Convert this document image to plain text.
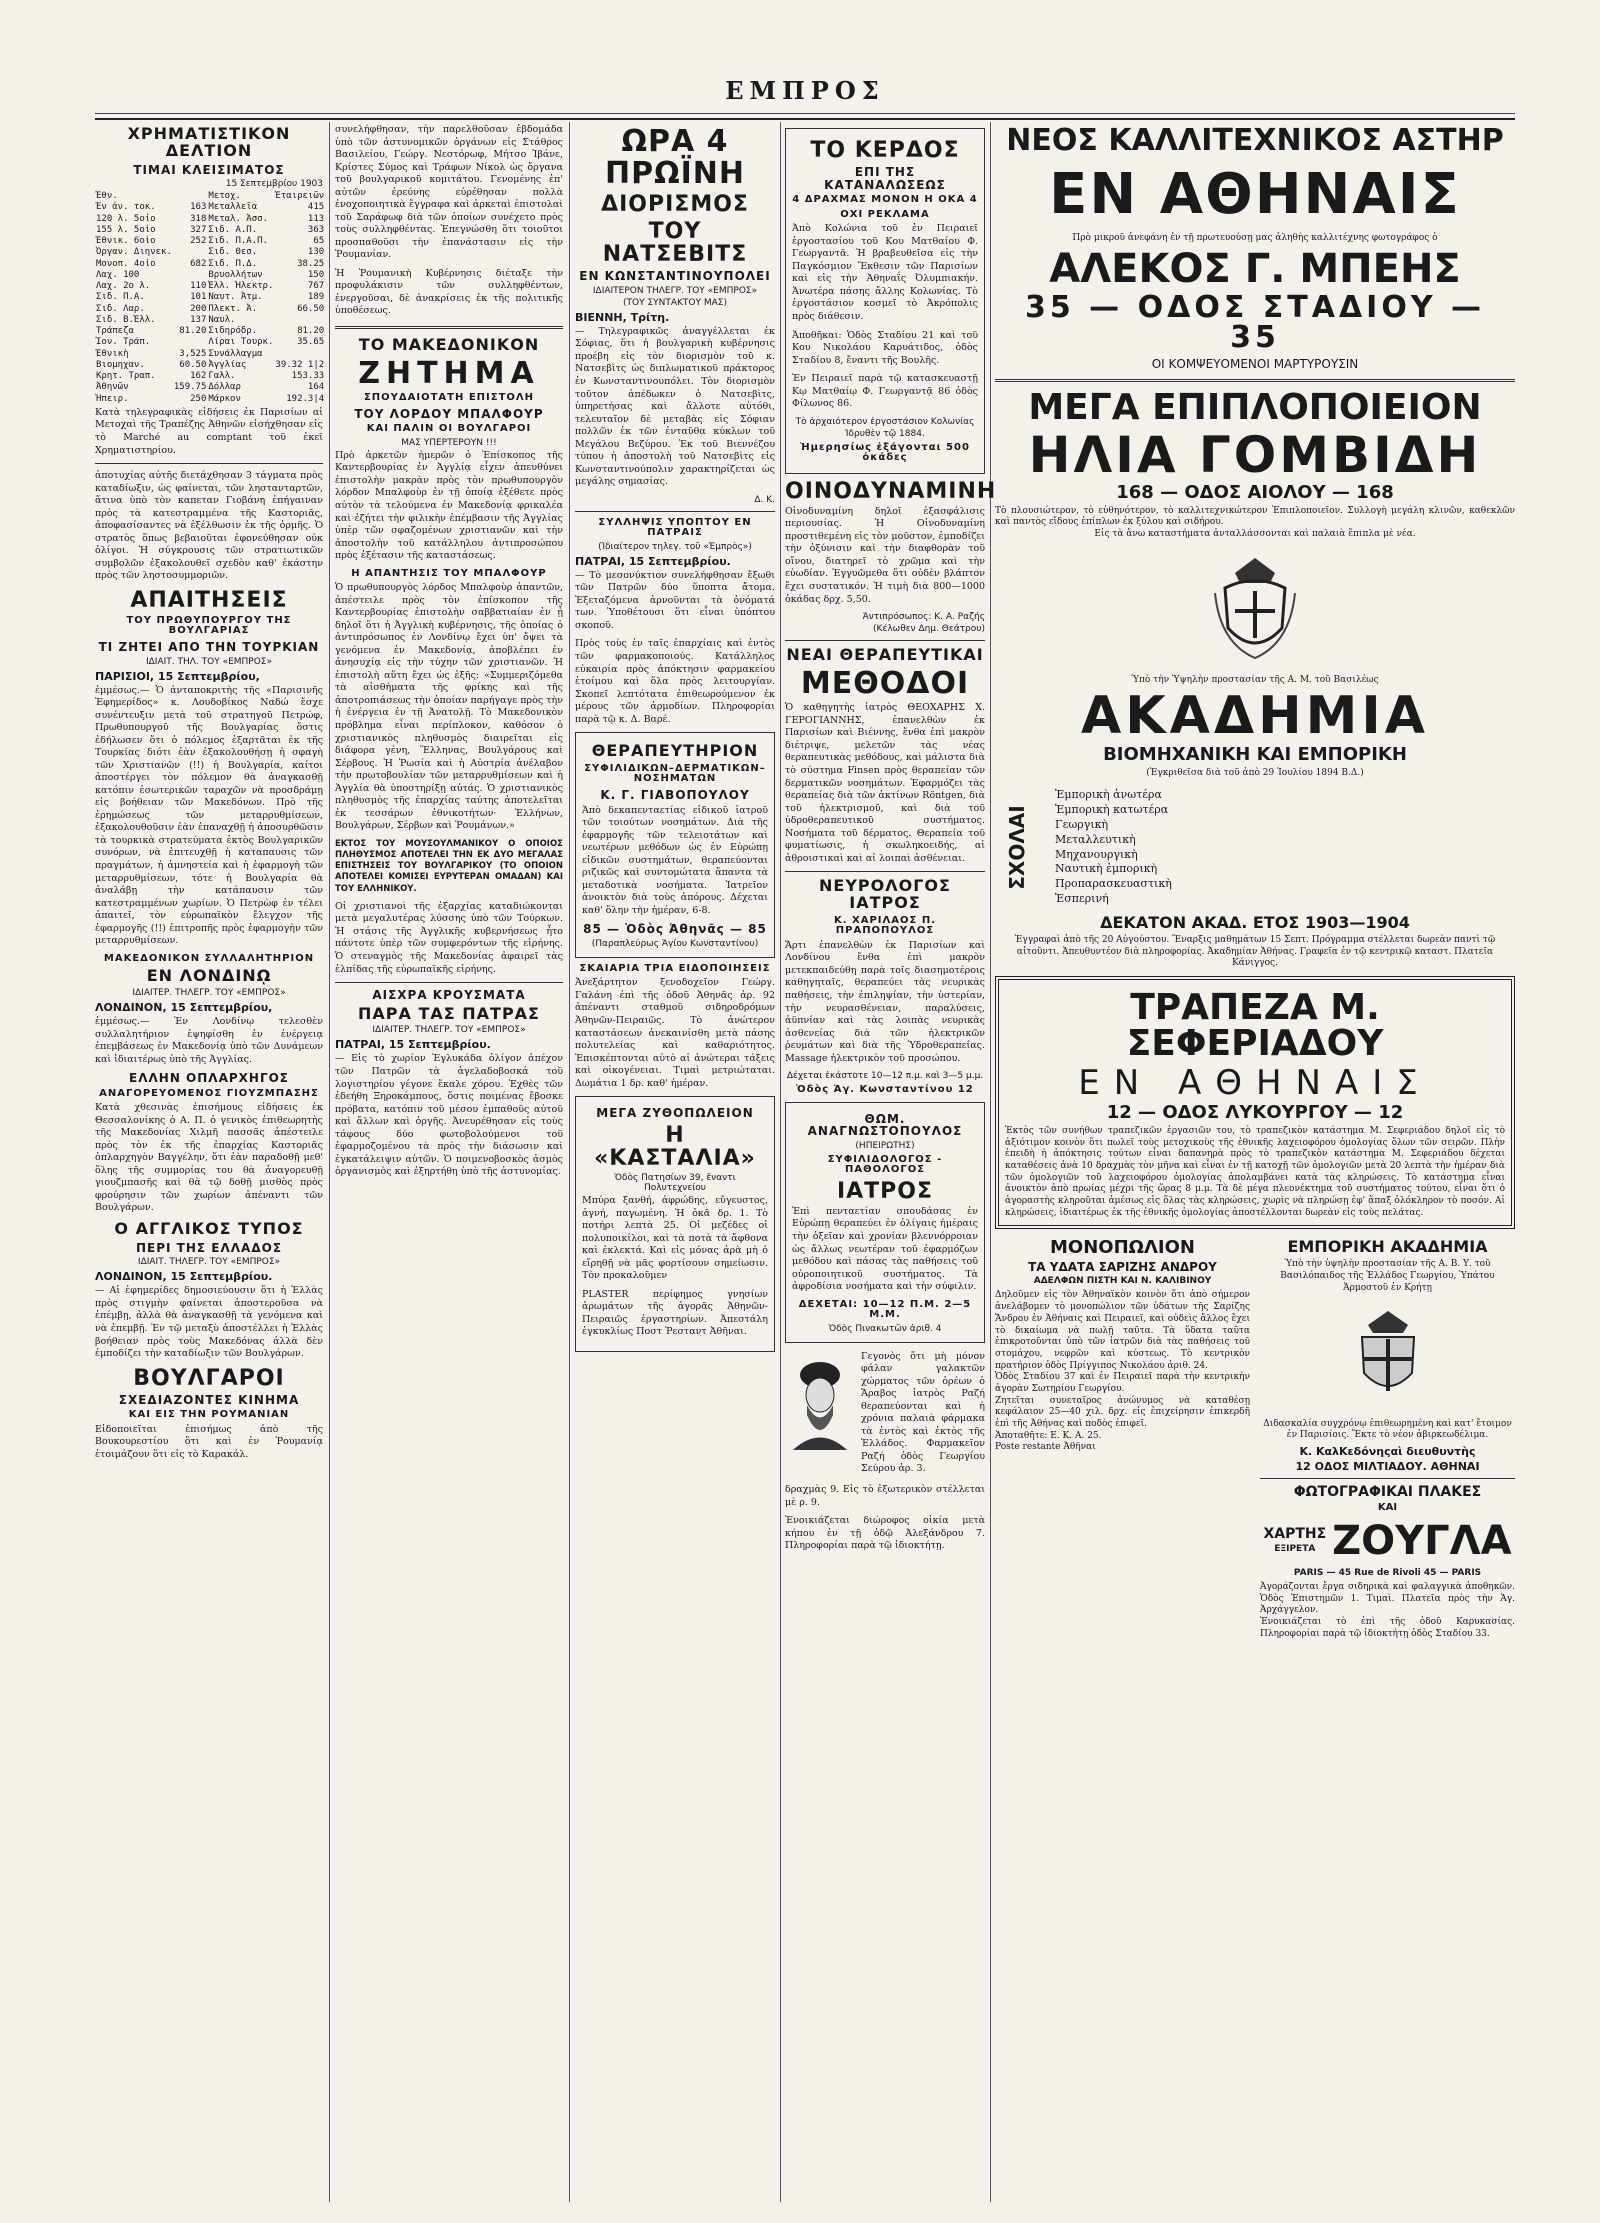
ΕΜΠΡΟΣ
ΧΡΗΜΑΤΙΣΤΙΚΟΝ ΔΕΛΤΙΟΝ
ΤΙΜΑΙ ΚΛΕΙΣΙΜΑΤΟΣ
15 Σεπτεμβρίου 1903
Ἐθν.		Μετοχ.	Ἐταιρειῶν
Ἐν ἀν. τοκ.	163	Μεταλλεῖα	415
120 λ. 5οἰο	318	Μεταλ. Ἀσσ.	113
155 λ. 5οἰο	327	Σιδ. Α.Π.	363
Ἐθνικ. 6οἰο	252	Σιδ. Π.Α.Π.	65
Ὀργαν. Διηνεκ.		Σιδ. Θεσ.	130
Μονοπ. 4οἰο	682	Σιδ. Π.Δ.	38.25
Λαχ. 100		Βρυολλήτων	150
Λαχ. 2ο λ.	110	Ἑλλ. Ἠλεκτρ.	767
Σιδ. Π.Α.	101	Ναυτ. Ἀτμ.	189
Σιδ. Λαρ.	200	Πλεκτ. Ἀ.	66.50
Σιδ. Β.Ἑλλ.	137	Ναυλ.	
Τράπεζα	81.20	Σιδηρόδρ.	81.20
Ἰον. Τράπ.		Λίραι Τουρκ.	35.65
Ἐθνικὴ	3,525	Συνάλλαγμα	
Βιομηχαν.	60.50	Ἀγγλίας	39.32 1|2
Κρητ. Τραπ.	162	Γαλλ.	153.33
Ἀθηνῶν	159.75	Δόλλαρ	164
Ἠπειρ.	250	Μάρκον	192.3|4
Κατὰ τηλεγραφικὰς εἰδήσεις ἐκ Παρισίων αἱ Μετοχαὶ τῆς Τραπέζης Ἀθηνῶν εἰσήχθησαν εἰς τὸ Marché au comptant τοῦ ἐκεῖ Χρηματιστηρίου.
ἀποτυχίας αὐτῆς διετάχθησαν 3 τάγματα πρὸς καταδίωξιν, ὡς φαίνεται, τῶν ληστανταρτῶν, ἅτινα ὑπὸ τὸν καπεταν Γιοβάνη ἐπήγαιναν πρὸς τὰ κατεστραμμένα τῆς Καστοριᾶς, ἀποφασίσαντες νὰ ἐξέλθωσιν ἐκ τῆς ὁρμῆς. Ὁ στρατὸς ὅπως βεβαιοῦται ἐφονεύθησαν οὐκ ὀλίγοι. Ἡ σύγκρουσις τῶν στρατιωτικῶν συμβολῶν ἐξακολουθεῖ σχεδὸν καθ' ἑκάστην πρὸς τῶν ληστοσυμμοριῶν.
ΑΠΑΙΤΗΣΕΙΣ
ΤΟΥ ΠΡΩΘΥΠΟΥΡΓΟΥ ΤΗΣ ΒΟΥΛΓΑΡΙΑΣ
ΤΙ ΖΗΤΕΙ ΑΠΟ ΤΗΝ ΤΟΥΡΚΙΑΝ
ΙΔΙΑΙΤ. ΤΗΛ. ΤΟΥ «ΕΜΠΡΟΣ»
ΠΑΡΙΣΙΟΙ, 15 Σεπτεμβρίου,
ἑμμέσως.— Ὁ ἀνταποκριτὴς τῆς «Παρισινῆς Ἐφημερίδος» κ. Λουδοβίκος Ναδώ ἔσχε συνέντευξιν μετὰ τοῦ στρατηγοῦ Πετρώφ, Πρωθυπουργοῦ τῆς Βουλγαρίας ὅστις ἐδήλωσεν ὅτι ὁ πόλεμος ἐξαρτᾶται ἐκ τῆς Τουρκίας διότι ἐὰν ἐξακολουθήσῃ ἡ σφαγὴ τῶν Χριστιανῶν (!!) ἡ Βουλγαρία, καίτοι ἀποστέργει τὸν πόλεμον θὰ ἀναγκασθῇ κατόπιν ἐσωτερικῶν ταραχῶν νὰ προσδράμῃ εἰς βοήθειαν τῶν Μακεδόνων. Πρὸ τῆς ἐρημώσεως τῶν μεταρρυθμίσεων, ἐξακολουθοῦσιν ἐὰν ἐπαναχθῇ ἡ ἀποσυρθῶσιν τὰ τουρκικὰ στρατεύματα ἐκτὸς Βουλγαρικῶν συνόρων, νὰ ἐπιτευχθῇ ἡ καταπαυσις τῶν πραγμάτων, ἡ ἀμνηστεία καὶ ἡ ἐφαρμογὴ τῶν μεταρρυθμίσεων, τότε ἡ Βουλγαρία θὰ ἀναλάβῃ τὴν κατάπαυσιν τῶν κατεστραμμένων χωρίων. Ὁ Πετρὼφ ἐν τέλει ἀπαιτεῖ, τὸν εὐρωπαϊκὸν ἔλεγχον τῆς ἐφαρμογῆς (!!) ἐπιτροπῆς πρὸς ἐφαρμογὴν τῶν μεταρρυθμίσεων.
ΜΑΚΕΔΟΝΙΚΟΝ ΣΥΛΛΑΛΗΤΗΡΙΟΝ
ΕΝ ΛΟΝΔΙΝῼ
ΙΔΙΑΙΤΕΡ. ΤΗΛΕΓΡ. ΤΟΥ «ΕΜΠΡΟΣ»
ΛΟΝΔΙΝΟΝ, 15 Σεπτεμβρίου,
ἑμμέσως.— Ἐν Λονδίνῳ τελεσθὲν συλλαλητήριον ἐψηφίσθη ἐν ἐνέργειᾳ ἐπεμβάσεως ἐν Μακεδονίᾳ ὑπὸ τῶν Δυνάμεων καὶ ἰδιαιτέρως ὑπὸ τῆς Ἀγγλίας.
ΕΛΛΗΝ ΟΠΛΑΡΧΗΓΟΣ
ΑΝΑΓΟΡΕΥΟΜΕΝΟΣ ΓΙΟΥΖΜΠΑΣΗΣ
Κατὰ χθεσινὰς ἐπισήμους εἰδήσεις ἐκ Θεσσαλονίκης ὁ Α. Π. ὁ γενικὸς ἐπιθεωρητὴς τῆς Μακεδονίας Χιλμῆ πασσᾶς ἀπέστειλε πρὸς τὸν ἐκ τῆς ἐπαρχίας Καστοριᾶς ὁπλαρχηγὸν Βαγγέλην, ὅτι ἐὰν παραδοθῇ μεθ' ὅλης τῆς συμμορίας του θὰ ἀναγορευθῇ γιουζμπασῆς καὶ θὰ τῷ δοθῇ μισθὸς πρὸς φρούρησιν τῶν χωρίων ἀπέναντι τῶν Βουλγάρων.
Ο ΑΓΓΛΙΚΟΣ ΤΥΠΟΣ
ΠΕΡΙ ΤΗΣ ΕΛΛΑΔΟΣ
ΙΔΙΑΙΤ. ΤΗΛΕΓΡ. ΤΟΥ «ΕΜΠΡΟΣ»
ΛΟΝΔΙΝΟΝ, 15 Σεπτεμβρίου.
— Αἱ ἐφημερίδες δημοσιεύουσιν ὅτι ἡ Ἑλλὰς πρὸς στιγμὴν φαίνεται ἀποστεροῦσα νὰ ἐπέμβῃ, ἀλλὰ θὰ ἀναγκασθῇ τὰ γενόμενα καὶ νὰ ἐπεμβῇ. Ἐν τῷ μεταξὺ ἀποστέλλει ἡ Ἑλλὰς βοήθειαν πρὸς τοὺς Μακεδόνας ἀλλὰ δὲν ἐμποδίζει τὴν καταδίωξιν τῶν Βουλγάρων.
ΒΟΥΛΓΑΡΟΙ
ΣΧΕΔΙΑΖΟΝΤΕΣ ΚΙΝΗΜΑ
ΚΑΙ ΕΙΣ ΤΗΝ ΡΟΥΜΑΝΙΑΝ
Εἰδοποιεῖται ἐπισήμως ἀπὸ τῆς Βουκουρεστίου ὅτι καὶ ἐν Ῥουμανίᾳ ἐτοιμάζουν ὅτι εἰς τὸ Καρακάλ.
συνελήφθησαν, τὴν παρελθοῦσαν ἑβδομάδα ὑπὸ τῶν ἀστυνομικῶν ὀργάνων εἰς Στάθρος Βασιλείου, Γεώργ. Νεστόρωφ, Μήτσο Ἰβάνε, Κρίστες Σύμος καὶ Τράφων Νίκολ ὡς ὄργανα τοῦ βουλγαρικοῦ κομιτάτου. Γενομένης ἐπ' αὐτῶν ἐρεύνης εὑρέθησαν πολλὰ ἐνοχοποιητικὰ ἔγγραφα καὶ ἀρκεταὶ ἐπιστολαὶ τοῦ Σαράφωφ διὰ τῶν ὁποίων συνέχετο πρὸς τοὺς συλληφθέντας. Ἐπεγνώσθη ὅτι τοιοῦτοι προσπαθοῦσι τὴν ἐπανάστασιν εἰς τὴν Ῥουμανίαν.
Ἡ Ῥουμανικὴ Κυβέρνησις διέταξε τὴν προφυλάκισιν τῶν συλληφθέντων, ἐνεργοῦσαι, δὲ ἀνακρίσεις ἐκ τῆς πολιτικῆς ὑποθέσεως.
ΤΟ ΜΑΚΕΔΟΝΙΚΟΝ
ΖΗΤΗΜΑ
ΣΠΟΥΔΑΙΟΤΑΤΗ ΕΠΙΣΤΟΛΗ
ΤΟΥ ΛΟΡΔΟΥ ΜΠΑΛΦΟΥΡ
ΚΑΙ ΠΑΛΙΝ ΟΙ ΒΟΥΛΓΑΡΟΙ
ΜΑΣ ΥΠΕΡΤΕΡΟΥΝ !!!
Πρὸ ἀρκετῶν ἡμερῶν ὁ Ἐπίσκοπος τῆς Καντερβουρίας ἐν Ἀγγλίᾳ εἶχεν ἀπευθύνει ἐπιστολὴν μακρὰν πρὸς τὸν πρωθυπουργὸν λόρδον Μπαλφοὺρ ἐν τῇ ὁποίᾳ ἐξέθετε πρὸς αὐτὸν τὰ τελούμενα ἐν Μακεδονίᾳ φρικαλέα καὶ ἐζήτει τὴν φιλικὴν ἐπέμβασιν τῆς Ἀγγλίας ὑπὲρ τῶν σφαζομένων χριστιανῶν καὶ τὴν ἀποστολὴν τοῦ κατάλληλου ἀντιπροσώπου πρὸς ἐξέτασιν τῆς καταστάσεως.
Η ΑΠΑΝΤΗΣΙΣ ΤΟΥ ΜΠΑΛΦΟΥΡ
Ὁ πρωθυπουργὸς λόρδος Μπαλφοὺρ ἀπαντῶν, ἀπέστειλε πρὸς τὸν ἐπίσκοπον τῆς Καντερβουρίας ἐπιστολὴν σαββατιαίαν ἐν ᾗ δηλοῖ ὅτι ἡ Ἀγγλικὴ κυβέρνησις, τῆς ὁποίας ὁ ἀντιπρόσωπος ἐν Λονδίνῳ ἔχει ὑπ' ὄψει τὰ γενόμενα ἐν Μακεδονίᾳ, ἀποβλέπει ἐν ἀνησυχίᾳ εἰς τὴν τύχην τῶν χριστιανῶν. Ἡ ἐπιστολὴ αὕτη ἔχει ὡς ἑξῆς: «Συμμεριζόμεθα τὰ αἰσθήματα τῆς φρίκης καὶ τῆς ἀποτροπιάσεως τὴν ὁποίαν παρήγαγε πρὸς τὴν ἡ ἐνέργεια ἐν τῇ Ἀνατολῇ. Τὸ Μακεδονικὸν πρόβλημα εἶναι περίπλοκον, καθόσον ὁ χριστιανικὸς πληθυσμὸς διαιρεῖται εἰς διάφορα γένη, Ἕλληνας, Βουλγάρους καὶ Σέρβους. Ἡ Ῥωσία καὶ ἡ Αὐστρία ἀνέλαβον τὴν πρωτοβουλίαν τῶν μεταρρυθμίσεων καὶ ἡ Ἀγγλία θὰ ὑποστηρίξῃ αὐτάς. Ὁ χριστιανικὸς πληθυσμὸς τῆς ἐπαρχίας ταύτης ἀποτελεῖται ἐκ τεσσάρων ἐθνικοτήτων· Ἑλλήνων, Βουλγάρων, Σέρβων καὶ Ῥουμάνων.»
ΕΚΤΟΣ ΤΟΥ ΜΟΥΣΟΥΛΜΑΝΙΚΟΥ Ο ΟΠΟΙΟΣ ΠΛΗΘΥΣΜΟΣ ΑΠΟΤΕΛΕΙ ΤΗΝ ΕΚ ΔΥΟ ΜΕΓΑΛΑΣ ΕΠΙΣΤΗΣΕΙΣ ΤΟΥ ΒΟΥΛΓΑΡΙΚΟΥ (ΤΟ ΟΠΟΙΟΝ ΑΠΟΤΕΛΕΙ ΚΟΜΙΣΕΙ ΕΥΡΥΤΕΡΑΝ ΟΜΑΔΑΝ) ΚΑΙ ΤΟΥ ΕΛΛΗΝΙΚΟΥ.
Οἱ χριστιανοὶ τῆς ἐξαρχίας καταδιώκονται μετὰ μεγαλυτέρας λύσσης ὑπὸ τῶν Τούρκων. Ἡ στάσις τῆς Ἀγγλικῆς κυβερνήσεως ἦτο πάντοτε ὑπὲρ τῶν συμφερόντων τῆς εἰρήνης. Ὁ στεναγμὸς τῆς Μακεδονίας ἀφαιρεῖ τὰς ἐλπίδας τῆς εὐρωπαϊκῆς εἰρήνης.
ΑΙΣΧΡΑ ΚΡΟΥΣΜΑΤΑ
ΠΑΡΑ ΤΑΣ ΠΑΤΡΑΣ
ΙΔΙΑΙΤΕΡ. ΤΗΛΕΓΡ. ΤΟΥ «ΕΜΠΡΟΣ»
ΠΑΤΡΑΙ, 15 Σεπτεμβρίου.
— Εἰς τὸ χωρίον Ἐγλυκάδα ὀλίγον ἀπέχον τῶν Πατρῶν τὰ ἀγελαδοβοσκά τοῦ λογιστηρίου γέγονε ἔκαλε χόρου. Ἐχθὲς τῶν ἐδεήθη Ξηροκάμπους, ὅστις ποιμένας ἔβοσκε πρόβατα, κατόπιν τοῦ μέσου ἐμπαθοῦς αὐτοῦ καὶ ἄλλων καὶ ὀργῆς. Ἀνευρέθησαν εἰς τοὺς τάφους δύο φωτοβολούμενοι τοῦ ἐφαρμοζομένου τὰ πρὸς τὴν διάσωσιν καὶ ἐγκατάλειψιν αὐτῶν. Ὁ ποιμενοβοσκὸς ἀσμὸς ὀργανισμὸς καὶ ἐξηρτήθη ὑπὸ τῆς ἀστυνομίας.
ΩΡΑ 4 ΠΡΩΪΝΗ
ΔΙΟΡΙΣΜΟΣ
ΤΟΥ ΝΑΤΣΕΒΙΤΣ
ΕΝ ΚΩΝΣΤΑΝΤΙΝΟΥΠΟΛΕΙ
ΙΔΙΑΙΤΕΡΟΝ ΤΗΛΕΓΡ. ΤΟΥ «ΕΜΠΡΟΣ»
(ΤΟΥ ΣΥΝΤΑΚΤΟΥ ΜΑΣ)
ΒΙΕΝΝΗ, Τρίτη.
— Τηλεγραφικῶς ἀναγγέλλεται ἐκ Σόφιας, ὅτι ἡ βουλγαρικὴ κυβέρνησις προέβη εἰς τὸν διορισμὸν τοῦ κ. Νατσεβὶτς ὡς διπλωματικοῦ πράκτορος ἐν Κωνσταντινουπόλει. Τὸν διορισμὸν τοῦτον ἀπέδωκεν ὁ Νατσεβὶτς, ὑπηρετήσας καὶ ἄλλοτε αὐτόθι, τελευταῖον δὲ μεταβὰς εἰς Σόφιαν πολλῶν ἐκ τῶν ἐνταῦθα κύκλων τοῦ Μεγάλου Βεζύρου. Ἐκ τοῦ Βιεννέζου τύπου ἡ ἀποστολὴ τοῦ Νατσεβὶτς εἰς Κωνσταντινούπολιν χαρακτηρίζεται ὡς μεγάλης σημασίας.
Δ. Κ.
ΣΥΛΛΗΨΙΣ ΥΠΟΠΤΟΥ ΕΝ ΠΑΤΡΑΙΣ
(Ἰδιαίτερον τηλεγ. τοῦ «Ἐμπρὸς»)
ΠΑΤΡΑΙ, 15 Σεπτεμβρίου.
— Τὸ μεσονύκτιον συνελήφθησαν ἔξωθι τῶν Πατρῶν δύο ὕποπτα ἄτομα. Ἐξεταζόμενα ἀρνοῦνται τὰ ὀνόματά των. Ὑποθέτουσι ὅτι εἶναι ὑπόπτου σκοποῦ.
Πρὸς τοὺς ἐν ταῖς ἐπαρχίαις καὶ ἐντὸς τῶν φαρμακοποιούς. Κατάλληλος εὐκαιρία πρὸς ἀπόκτησιν φαρμακείου ἑτοίμου καὶ ὅλα πρὸς λειτουργίαν. Σκοπεῖ λεπτότατα ἐπιθεωρούμενον ἐκ μέρους τῶν ἀρμοδίων. Πληροφορίαι παρὰ τῷ κ. Δ. Βαρέ.
ΘΕΡΑΠΕΥΤΗΡΙΟΝ
ΣΥΦΙΛΙΔΙΚΩΝ–ΔΕΡΜΑΤΙΚΩΝ–ΝΟΣΗΜΑΤΩΝ
Κ. Γ. ΓΙΑΒΟΠΟΥΛΟΥ
Ἀπὸ δεκαπενταετίας εἰδικοῦ ἰατροῦ τῶν τοιούτων νοσημάτων. Διὰ τῆς ἐφαρμογῆς τῶν τελειοτάτων καὶ νεωτέρων μεθόδων ὡς ἐν Εὐρώπῃ εἰδικῶν συστημάτων, θεραπεύονται ριζικῶς καὶ συντομώτατα ἅπαντα τὰ μεταδοτικὰ νοσήματα. Ἰατρεῖον ἀνοικτὸν διὰ τοὺς ἀπόρους. Δέχεται καθ' ὅλην τὴν ἡμέραν, 6-8.
85 — Ὁδὸς Ἀθηνᾶς — 85
(Παραπλεύρως Ἁγίου Κωνσταντίνου)
ΣΚΑΙΑΡΙΑ ΤΡΙΑ ΕΙΔΟΠΟΙΗΣΕΙΣ
Ἀνεξάρτητον ξενοδοχεῖον Γεώργ. Γαλάνη ἐπὶ τῆς ὁδοῦ Ἀθηνᾶς ἀρ. 92 ἀπέναντι σταθμοῦ σιδηροδρόμων Ἀθηνῶν-Πειραιῶς. Τὸ ἀνώτερον καταστάσεων ἀνεκαινίσθη μετὰ πάσης πολυτελείας καὶ καθαριότητος. Ἐπισκέπτονται αὐτὸ αἱ ἀνώτεραι τάξεις καὶ οἰκογένειαι. Τιμαὶ μετριώταται. Δωμάτια 1 δρ. καθ' ἡμέραν.
ΜΕΓΑ ΖΥΘΟΠΩΛΕΙΟΝ
Η «ΚΑΣΤΑΛΙΑ»
Ὁδὸς Πατησίων 39, ἔναντι Πολυτεχνείου
Μπύρα ξανθή, ἀφρώδης, εὔγευστος, ἀγνή, παγωμένη. Ἡ ὀκᾶ δρ. 1. Τὸ ποτήρι λεπτὰ 25. Οἱ μεζέδες οἱ πολυποικίλοι, καὶ τὰ ποτὰ τὰ ἄφθονα καὶ ἐκλεκτά. Καὶ εἰς μόνας ἀρὰ μὴ ὁ εἴρηθῇ νὰ μᾶς φορτίσουν σημείωσιν. Τὸν προκαλοῦμεν
PLASTER περίφημος γνησίων ἀρωμάτων τῆς ἀγορᾶς Ἀθηνῶν-Πειραιῶς ἐργαστηρίων. Ἀπεστάλη ἐγκυκλίως Ποστ Ῥεσταντ Ἀθῆναι.
ΤΟ ΚΕΡΔΟΣ
ΕΠΙ ΤΗΣ ΚΑΤΑΝΑΛΩΣΕΩΣ
4 ΔΡΑΧΜΑΣ ΜΟΝΟΝ Η ΟΚΑ 4
ΟΧΙ ΡΕΚΛΑΜΑ
Ἀπὸ Κολώνια τοῦ ἐν Πειραιεῖ ἐργοστασίου τοῦ Κου Ματθαίου Φ. Γεωργαντᾶ. Ἡ βραβευθεῖσα εἰς τὴν Παγκόσμιον Ἔκθεσιν τῶν Παρισίων καὶ εἰς τὴν Ἀθηναΐς Ὀλυμπιακήν. Ἀνωτέρα πάσης ἄλλης Κολωνίας. Τὸ ἐργοστάσιον κοσμεῖ τὸ Ἀκρόπολις πρὸς διάθεσιν.
Ἀποθῆκαι: Ὁδὸς Σταδίου 21 καὶ τοῦ Κου Νικολάου Καρυάτιδος, ὁδὸς Σταδίου 8, ἔναντι τῆς Βουλῆς.
Ἐν Πειραιεῖ παρὰ τῷ κατασκευαστῇ Κῳ Ματθαίῳ Φ. Γεωργαντᾷ 86 ὁδὸς Φίλωνος 86.
Τὸ ἀρχαιότερον ἐργοστάσιον Κολωνίας
Ἱδρυθὲν τῷ 1884.
Ἡμερησίως ἐξάγονται 500 ὀκάδες
ΟΙΝΟΔΥΝΑΜΙΝΗ
Οἰνοδυναμίνη δηλοῖ ἐξασφάλισις περιουσίας. Ἡ Οἰνοδυναμίνη προστιθεμένη εἰς τὸν μοῦστον, ἐμποδίζει τὴν ὀξύνισιν καὶ τὴν διαφθορὰν τοῦ οἴνου, διατηρεῖ τὸ χρῶμα καὶ τὴν εὐωδίαν. Ἐγγυῶμεθα ὅτι οὐδὲν βλάπτον ἔχει συστατικόν. Ἡ τιμὴ διὰ 800—1000 ὀκάδας δρχ. 5,50.
Ἀντιπρόσωπος: Κ. Α. Ραζής
(Κέλωθεν Δημ. Θεάτρου)
ΝΕΑΙ ΘΕΡΑΠΕΥΤΙΚΑΙ
ΜΕΘΟΔΟΙ
Ὁ καθηγητὴς ἰατρὸς ΘΕΟΧΑΡΗΣ Χ. ΓΕΡΟΓΙΑΝΝΗΣ, ἐπανελθὼν ἐκ Παρισίων καὶ Βιέννης, ἔνθα ἐπὶ μακρὸν διέτριψε, μελετῶν τὰς νέας θεραπευτικὰς μεθόδους, καὶ μάλιστα διὰ τὸ σύστημα Finsen πρὸς θεραπείαν τῶν δερματικῶν νοσημάτων. Ἐφαρμόζει τὰς θεραπείας διὰ τῶν ἀκτίνων Röntgen, διὰ τοῦ ἠλεκτρισμοῦ, καὶ διὰ τοῦ ὑδροθεραπευτικοῦ συστήματος. Νοσήματα τοῦ δέρματος. Θεραπεία τοῦ φυματίωσις, ἡ σκωληκοειδής, αἱ ἀθροιστικαὶ καὶ αἱ λοιπαὶ ἀσθένειαι.
ΝΕΥΡΟΛΟΓΟΣ ΙΑΤΡΟΣ
Κ. ΧΑΡΙΛΑΟΣ Π. ΠΡΑΠΟΠΟΥΛΟΣ
Ἄρτι ἐπανελθὼν ἐκ Παρισίων καὶ Λονδίνου ἔνθα ἐπὶ μακρὸν μετεκπαιδεύθη παρὰ τοῖς διασημοτέροις καθηγηταῖς, θεραπεύει τὰς νευρικὰς παθήσεις, τὴν ἐπιληψίαν, τὴν ὑστερίαν, τὴν νευρασθένειαν, παραλύσεις, ἀϋπνίαν καὶ τὰς λοιπὰς νευρικὰς ἀσθενείας διὰ τῶν ἠλεκτρικῶν ῥευμάτων καὶ διὰ τῆς Ὑδροθεραπείας. Massage ἠλεκτρικὸν τοῦ προσώπου.
Δέχεται ἑκάστοτε 10—12 π.μ. καὶ 3—5 μ.μ.
Ὁδὸς Ἁγ. Κωνσταντίνου 12
ΘΩΜ. ΑΝΑΓΝΩΣΤΟΠΟΥΛΟΣ
(ΗΠΕΙΡΩΤΗΣ)
ΣΥΦΙΛΙΔΟΛΟΓΟΣ - ΠΑΘΟΛΟΓΟΣ
ΙΑΤΡΟΣ
Ἐπὶ πενταετίαν σπουδάσας ἐν Εὐρώπῃ θεραπεύει ἐν ὀλίγαις ἡμέραις τὴν ὀξεῖαν καὶ χρονίαν βλεννόρροιαν ὡς ἄλλως νεωτέραν τοῦ ἐφαρμόζων μεθόδου καὶ πάσας τὰς παθήσεις τοῦ οὐροποιητικοῦ συστήματος. Τὰ ἀφροδίσια νοσήματα καὶ τὴν σύφιλιν.
ΔΕΧΕΤΑΙ: 10—12 Π.Μ. 2—5 Μ.Μ.
Ὁδὸς Πινακωτῶν ἀριθ. 4
Γεγονὸς ὅτι μὴ μόνον φάλαν γαλακτῶν χώρματος τῶν ὀρέων ὁ Ἄραβος ἰατρὸς Ραζή θεραπεύονται καὶ ἡ χρόνια παλαιὰ φάρμακα τὰ ἐντὸς καὶ ἐκτὸς τῆς Ἑλλάδος. Φαρμακεῖον Ραζή ὁδὸς Γεωργίου Σεύρου ἀρ. 3.
δραχμὰς 9. Εἰς τὸ ἐξωτερικὸν στέλλεται μὲ ρ. 9.
Ἐνοικιάζεται διώροφος οἰκία μετὰ κήπου ἐν τῇ ὁδῷ Ἀλεξάνδρου 7. Πληροφορίαι παρὰ τῷ ἰδιοκτήτῃ.
ΝΕΟΣ ΚΑΛΛΙΤΕΧΝΙΚΟΣ ΑΣΤΗΡ
ΕΝ ΑΘΗΝΑΙΣ
Πρὸ μικροῦ ἀνεφάνη ἐν τῇ πρωτευούσῃ μας ἀληθὴς καλλιτέχνης φωτογράφος ὁ
ΑΛΕΚΟΣ Γ. ΜΠΕΗΣ
35 — ΟΔΟΣ ΣΤΑΔΙΟΥ — 35
ΟΙ ΚΟΜΨΕΥΟΜΕΝΟΙ ΜΑΡΤΥΡΟΥΣΙΝ
ΜΕΓΑ ΕΠΙΠΛΟΠΟΙΕΙΟΝ
ΗΛΙΑ ΓΟΜΒΙΔΗ
168 — ΟΔΟΣ ΑΙΟΛΟΥ — 168
Τὸ πλουσιώτερον, τὸ εὐθηνότερον, τὸ καλλιτεχνικώτερον Ἐπιπλοποιεῖον. Συλλογὴ μεγάλη κλινῶν, καθεκλῶν καὶ παντὸς εἴδους ἐπίπλων ἐκ ξύλου καὶ σιδήρου.
Εἰς τὰ ἄνω καταστήματα ἀνταλλάσσονται καὶ παλαιὰ ἔπιπλα μὲ νέα.
Ὑπὸ τὴν Ὑψηλὴν προστασίαν τῆς Α. Μ. τοῦ Βασιλέως
ΑΚΑΔΗΜΙΑ
ΒΙΟΜΗΧΑΝΙΚΗ ΚΑΙ ΕΜΠΟΡΙΚΗ
(Ἐγκριθεῖσα διὰ τοῦ ἀπὸ 29 Ἰουλίου 1894 Β.Δ.)
ΣΧΟΛΑΙ
Ἐμπορικὴ ἀνωτέρα
Ἐμπορικὴ κατωτέρα
Γεωργικὴ
Μεταλλευτικὴ
Μηχανουργικὴ
Ναυτικὴ ἐμπορικὴ
Προπαρασκευαστικὴ
Ἑσπερινή
ΔΕΚΑΤΟΝ ΑΚΑΔ. ΕΤΟΣ 1903—1904
Ἐγγραφαὶ ἀπὸ τῆς 20 Αὐγούστου. Ἔναρξις μαθημάτων 15 Σεπτ. Πρόγραμμα στέλλεται δωρεὰν παντὶ τῷ αἰτοῦντι. Ἀπευθυντέον διὰ πληροφορίας. Ἀκαδημίαν Ἀθήνας. Γραφεῖα ἐν τῷ κεντρικῷ καταστ. Πλατεῖα Κάνιγγος.
ΤΡΑΠΕΖΑ Μ. ΣΕΦΕΡΙΑΔΟΥ
ΕΝ ΑΘΗΝΑΙΣ
12 — ΟΔΟΣ ΛΥΚΟΥΡΓΟΥ — 12
Ἐκτὸς τῶν συνήθων τραπεζικῶν ἐργασιῶν του, τὸ τραπεζικὸν κατάστημα Μ. Σεφεριάδου δηλοῖ εἰς τὸ ἀξιότιμον κοινὸν ὅτι πωλεῖ τοὺς μετοχικοὺς τῆς ἐθνικῆς λαχειοφόρου ὁμολογίας ὅλων τῶν σειρῶν. Πλὴν ἐπειδὴ ἡ ἀπόκτησις τούτων εἶναι δαπανηρὰ πρὸς τὸ τραπεζικὸν κατάστημα Μ. Σεφεριάδου δέχεται καταθέσεις ἀνὰ 10 δραχμὰς τὸν μῆνα καὶ εἶναι ἐν τῇ κατοχῇ τῶν ὁμολογιῶν μετὰ 20 λεπτὰ τὴν ἡμέραν διὰ τῶν ὁμολογιῶν τοῦ λαχειοφόρου ὁμολογίας ἀπολαμβάνει κατὰ τὰς κληρώσεις. Τὸ κατάστημα εἶναι ἀνοικτὸν ἀπὸ πρωίας μέχρι τῆς ὥρας 8 μ.μ. Τὰ δὲ μέγα πλεονέκτημα τοῦ συστήματος τούτου, εἶναι ὅτι ὁ ἀγοραστὴς κληροῦται ἀμέσως εἰς ὅλας τὰς κληρώσεις, χωρὶς νὰ πληρώσῃ ἐφ' ἅπαξ ὁλόκληρον τὸ ποσόν. Αἱ κληρώσεις, ἰδιαιτέρως ἐκ τῆς ἐθνικῆς ὁμολογίας ἀποστέλλονται δωρεὰν εἰς τοὺς πελάτας.
ΜΟΝΟΠΩΛΙΟΝ
ΤΑ ΥΔΑΤΑ ΣΑΡΙΖΗΣ ΑΝΔΡΟΥ
ΑΔΕΛΦΩΝ ΠΙΣΤΗ ΚΑΙ Ν. ΚΑΛΙΒΙΝΟΥ
Δηλοῦμεν εἰς τὸν Ἀθηναϊκὸν κοινὸν ὅτι ἀπὸ σήμερον ἀνελάβομεν τὸ μονοπώλιον τῶν ὑδάτων τῆς Σαρίζης Ἄνδρου ἐν Ἀθήναις καὶ Πειραιεῖ, καὶ οὐδεὶς ἄλλος ἔχει τὸ δικαίωμα νὰ πωλῇ ταῦτα. Τὰ ὕδατα ταῦτα ἐπικροτοῦνται ὑπὸ τῶν ἰατρῶν διὰ τὰς παθήσεις τοῦ στομάχου, νεφρῶν καὶ κύστεως. Τὸ κεντρικὸν πρατήριον ὁδὸς Πρίγγιπος Νικολάου ἀριθ. 24.
Ὁδὸς Σταδίου 37 καὶ ἐν Πειραιεῖ παρὰ τὴν κεντρικὴν ἀγορὰν Σωτηρίου Γεωργίου.
Ζητεῖται συνεταῖρος ἀνώνυμος νὰ καταθέσῃ κεφάλαιον 25—40 χιλ. δρχ. εἰς ἐπιχείρησιν ἐπικερδῆ ἐπὶ τῆς Ἀθήνας καὶ ποδὸς ἐπιφεῖ.
Ἀποταθῆτε: Ε. Κ. Α. 25.
Poste restante Ἀθῆναι
ΕΜΠΟΡΙΚΗ ΑΚΑΔΗΜΙΑ
Ὑπὸ τὴν ὑψηλὴν προστασίαν τῆς Α. Β. Υ. τοῦ Βασιλόπαιδος τῆς Ἑλλάδος Γεωργίου, Ὑπάτου Ἁρμοστοῦ ἐν Κρήτῃ
Διδασκαλία συγχρόνῳ ἐπιθεωρημένη καὶ κατ' ἔτοιμον ἐν Παρισίοις. Ἔκτε τὸ νέον ἀβιρκεωδέλιμα.
Κ. ΚαλΚεδόνηςαὶ διευθυντὴς
12 ΟΔΟΣ ΜΙΛΤΙΑΔΟΥ. ΑΘΗΝΑΙ
ΦΩΤΟΓΡΑΦΙΚΑΙ ΠΛΑΚΕΣ
ΚΑΙ
ΧΑΡΤΗΣ
ΕΞΙΡΕΤΑ ΖΟΥΓΛΑ
PARIS — 45 Rue de Rivoli 45 — PARIS
Ἀγοράζονται ἔργα σιδηρικὰ καὶ φαλαγγικὰ ἀποθηκῶν. Ὁδὸς Ἐπιστημῶν 1. Τιμαὶ. Πλατεῖα πρὸς τὴν Ἁγ. Ἀρχάγγελον.
Ἐνοικιάζεται τὸ ἐπὶ τῆς ὁδοῦ Καρυκασίας. Πληροφορίαι παρὰ τῷ ἰδιοκτήτῃ ὁδὸς Σταδίου 33.
